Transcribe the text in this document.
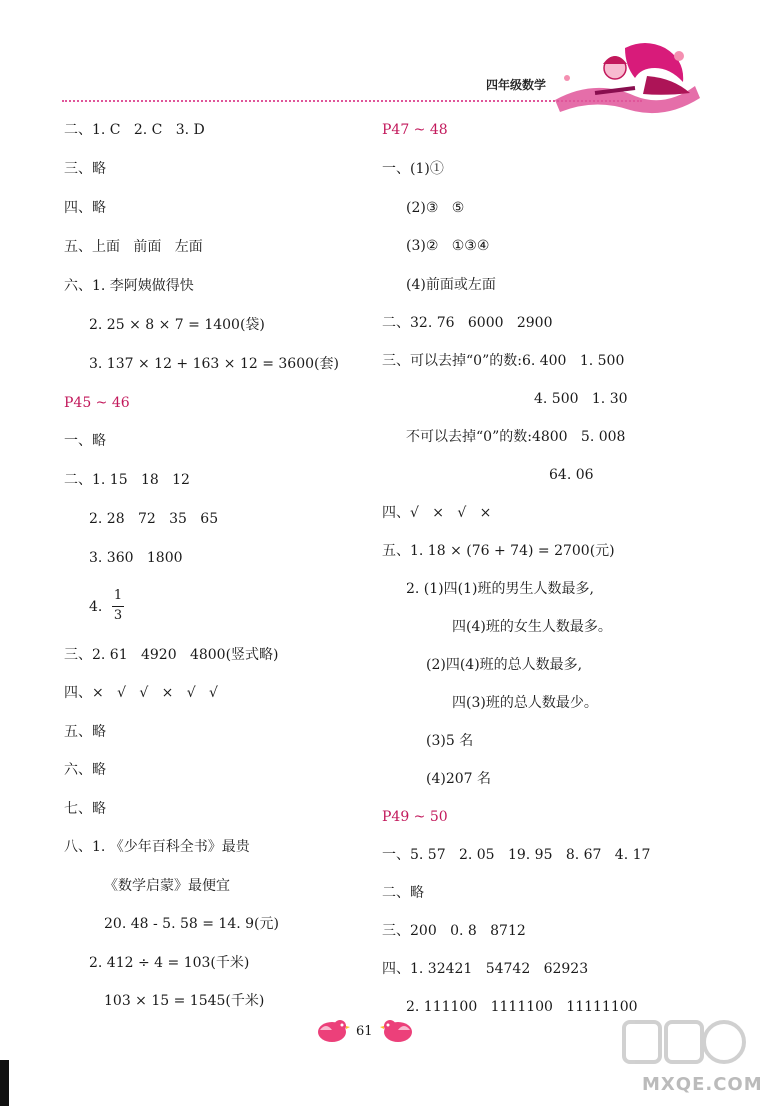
四年级数学
二、1. C   2. C   3. D
三、略
四、略
五、上面   前面   左面
六、1. 李阿姨做得快
2. 25 × 8 × 7 = 1400(袋)
3. 137 × 12 + 163 × 12 = 3600(套)
P45 ~ 46
一、略
二、1. 15   18   12
2. 28   72   35   65
3. 360   1800
4.
三、2. 61   4920   4800(竖式略)
四、×   √   √   ×   √   √
五、略
六、略
七、略
八、1. 《少年百科全书》最贵
《数学启蒙》最便宜
20. 48 - 5. 58 = 14. 9(元)
2. 412 ÷ 4 = 103(千米)
103 × 15 = 1545(千米)
P47 ~ 48
一、(1)①
(2)③   ⑤
(3)②   ①③④
(4)前面或左面
二、32. 76   6000   2900
三、可以去掉“0”的数:6. 400   1. 500
4. 500   1. 30
不可以去掉“0”的数:4800   5. 008
64. 06
四、√   ×   √   ×
五、1. 18 × (76 + 74) = 2700(元)
2. (1)四(1)班的男生人数最多,
四(4)班的女生人数最多。
(2)四(4)班的总人数最多,
四(3)班的总人数最少。
(3)5 名
(4)207 名
P49 ~ 50
一、5. 57   2. 05   19. 95   8. 67   4. 17
二、略
三、200   0. 8   8712
四、1. 32421   54742   62923
2. 111100   1111100   11111100
1
3
61
MXQE.COM
